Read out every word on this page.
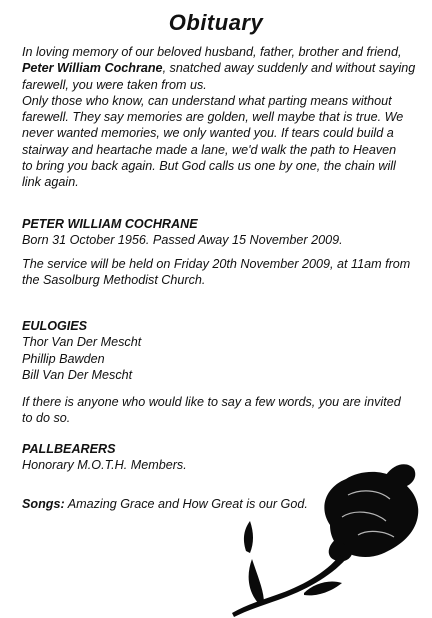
Obituary

In loving memory of our beloved husband, father, brother and friend,

Peter William Cochrane, snatched away suddenly and without saying

farewell, you were taken from us.

Only those who know, can understand what parting means without

farewell. They say memories are golden, well maybe that is true. We

never wanted memories, we only wanted you. If tears could build a

stairway and heartache made a lane, we'd walk the path to Heaven

to bring you back again. But God calls us one by one, the chain will

link again.

PETER WILLIAM COCHRANE

Born 31 October 1956. Passed Away 15 November 2009.

The service will be held on Friday 20th November 2009, at 11am from

the Sasolburg Methodist Church.

EULOGIES

Thor Van Der Mescht

Phillip Bawden

Bill Van Der Mescht

If there is anyone who would like to say a few words, you are invited

to do so.

PALLBEARERS

Honorary M.O.T.H. Members.

Songs: Amazing Grace and How Great is our God.
